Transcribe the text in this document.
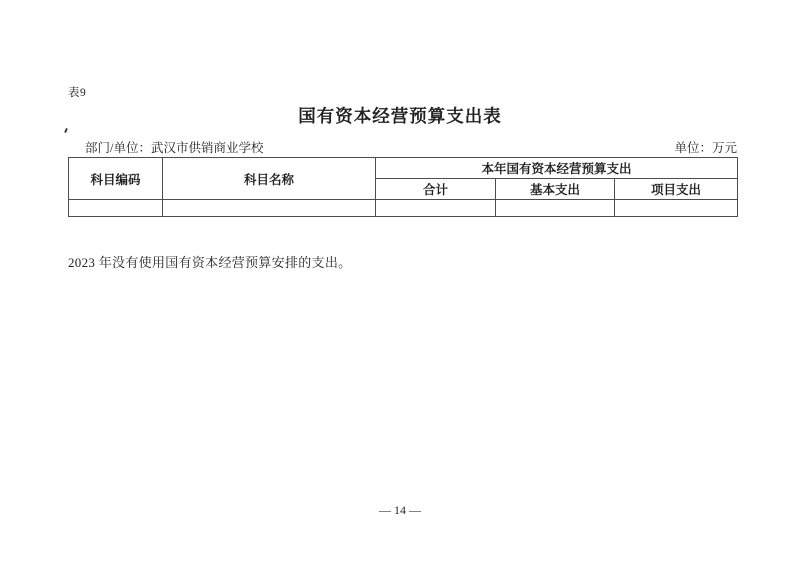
表9
国有资本经营预算支出表
部门/单位：武汉市供销商业学校	单位：万元
科目编码	科目名称	本年国有资本经营预算支出		
		合计	基本支出	项目支出

2023 年没有使用国有资本经营预算安排的支出。
— 14 —
